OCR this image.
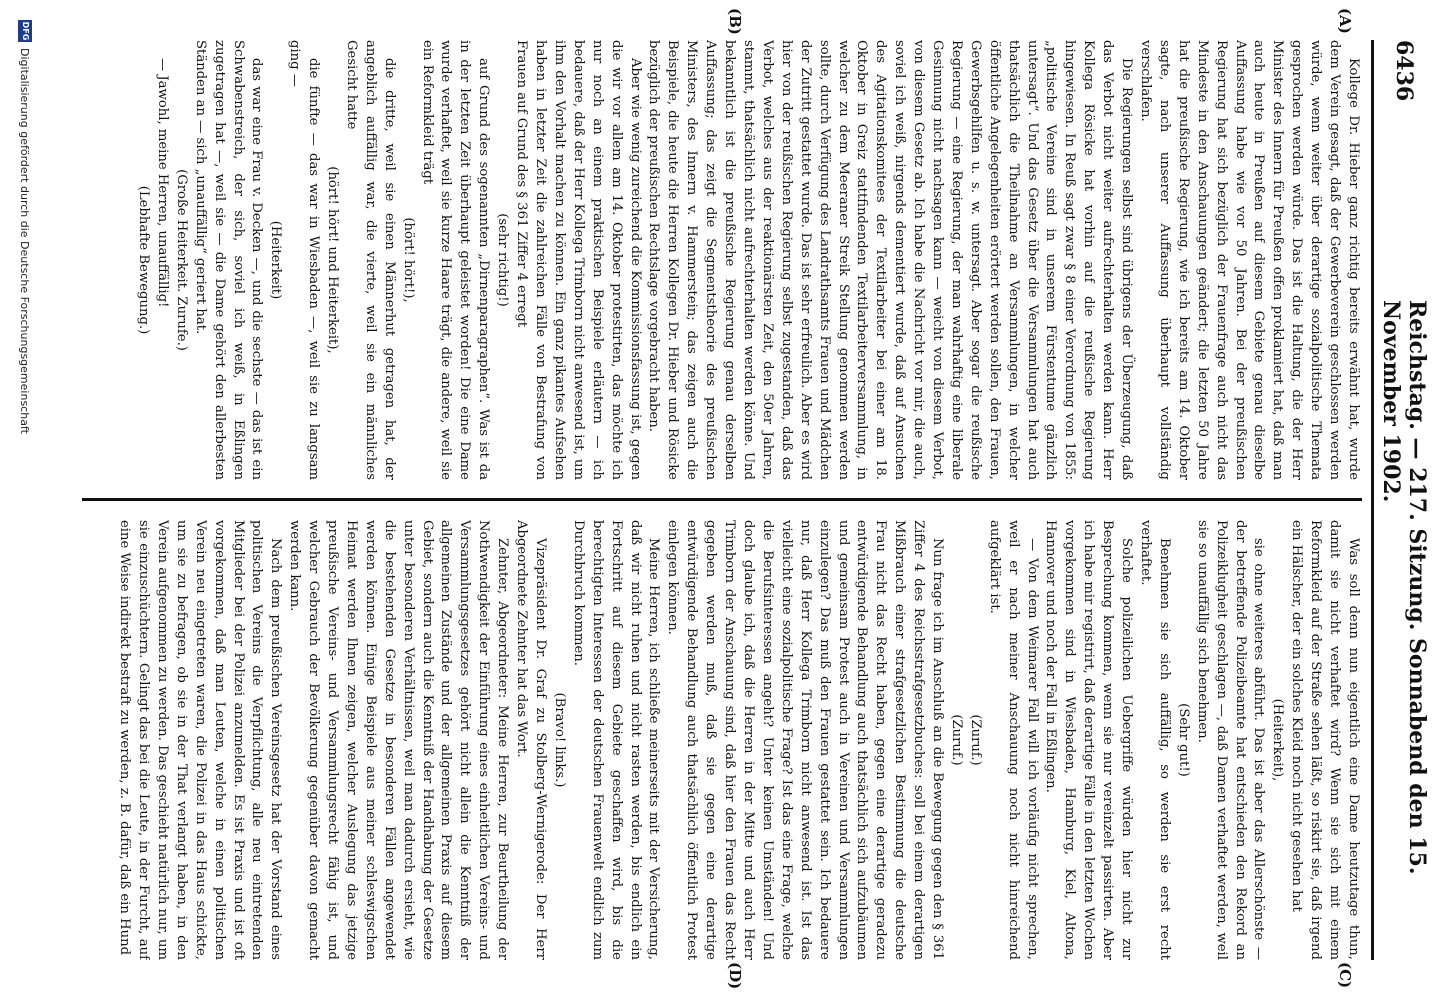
6436
Reichstag. — 217. Sitzung. Sonnabend den 15. November 1902.
(A)
(B)
(C)
(D)

Kollege Dr. Hieber ganz richtig bereits erwähnt hat, wurde dem Verein gesagt, daß der Gewerbeverein geschlossen werden würde, wenn weiter über derartige sozialpolitische Themata gesprochen werden würde. Das ist die Haltung, die der Herr Minister des Innern für Preußen offen proklamiert hat, daß man auch heute in Preußen auf diesem Gebiete genau dieselbe Auffassung habe wie vor 50 Jahren. Bei der preußischen Regierung hat sich bezüglich der Frauenfrage auch nicht das Mindeste in den Anschauungen geändert; die letzten 50 Jahre hat die preußische Regierung, wie ich bereits am 14. Oktober sagte, nach unserer Auffassung überhaupt vollständig verschlafen.

Die Regierungen selbst sind übrigens der Überzeugung, daß das Verbot nicht weiter aufrechterhalten werden kann. Herr Kollega Rösicke hat vorhin auf die reußische Regierung hingewiesen. In Reuß sagt zwar § 8 einer Verordnung von 1855: „politische Vereine sind in unserem Fürstentume gänzlich untersagt“. Und das Gesetz über die Versammlungen hat auch thatsächlich die Theilnahme an Versammlungen, in welcher öffentliche Angelegenheiten erörtert werden sollen, den Frauen, Gewerbsgehilfen u. s. w. untersagt. Aber sogar die reußische Regierung — eine Regierung, der man wahrhaftig eine liberale Gesinnung nicht nachsagen kann — weicht von diesem Verbot, von diesem Gesetz ab. Ich habe die Nachricht vor mir, die auch, soviel ich weiß, nirgends dementiert wurde, daß auf Ansuchen des Agitationskomitees der Textilarbeiter bei einer am 18. Oktober in Greiz stattfindenden Textilarbeiterversammlung, in welcher zu dem Meeraner Streik Stellung genommen werden sollte, durch Verfügung des Landrathsamts Frauen und Mädchen der Zutritt gestattet wurde. Das ist sehr erfreulich. Aber es wird hier von der reußischen Regierung selbst zugestanden, daß das Verbot, welches aus der reaktionärsten Zeit, den 50er Jahren, stammt, thatsächlich nicht aufrechterhalten werden könne. Und bekanntlich ist die preußische Regierung genau derselben Auffassung; das zeigt die Segmentstheorie des preußischen Ministers, des Innern v. Hammerstein; das zeigen auch die Beispiele, die heute die Herren Kollegen Dr. Hieber und Rösicke bezüglich der preußischen Rechtslage vorgebracht haben.

Aber wie wenig zureichend die Kommissionsfassung ist, gegen die wir vor allem am 14. Oktober protestirten, das möchte ich nur noch an einem praktischen Beispiele erläutern — ich bedauere, daß der Herr Kollega Trimborn nicht anwesend ist, um ihm den Vorhalt machen zu können. Ein ganz pikantes Aufsehen haben in letzter Zeit die zahlreichen Fälle von Bestrafung von Frauen auf Grund des § 361 Ziffer 4 erregt

(sehr richtig!)

auf Grund des sogenannten „Dirnenparagraphen“. Was ist da in der letzten Zeit überhaupt geleistet worden! Die eine Dame wurde verhaftet, weil sie kurze Haare trägt, die andere, weil sie ein Reformkleid trägt

(hört! hört!),

die dritte, weil sie einen Männerhut getragen hat, der angeblich auffällig war, die vierte, weil sie ein männliches Gesicht hatte

(hört! hört! und Heiterkeit),

die fünfte — das war in Wiesbaden —, weil sie zu langsam ging —

(Heiterkeit)

das war eine Frau v. Decken —, und die sechste — das ist ein Schwabenstreich, der sich, soviel ich weiß, in Eßlingen zugetragen hat —, weil sie — die Dame gehört den allerbesten Ständen an — sich „unauffällig“ geriert hat.

(Große Heiterkeit. Zurufe.)

— Jawohl, meine Herren, unauffällig!

(Lebhafte Bewegung.)

Was soll denn nun eigentlich eine Dame heutzutage thun, damit sie nicht verhaftet wird? Wenn sie sich mit einem Reformkleid auf der Straße sehen läßt, so riskirt sie, daß irgend ein Hälscher, der ein solches Kleid noch nicht gesehen hat

(Heiterkeit),

sie ohne weiteres abführt. Das ist aber das Allerschönste — der betreffende Polizeibeamte hat entschieden den Rekord an Polizeiklugheit geschlagen —, daß Damen verhaftet werden, weil sie so unauffällig sich benehmen.

(Sehr gut!)

Benehmen sie sich auffällig, so werden sie erst recht verhaftet.

Solche polizeilichen Uebergriffe würden hier nicht zur Besprechung kommen, wenn sie nur vereinzelt passirten. Aber ich habe mir registrirt, daß derartige Fälle in den letzten Wochen vorgekommen sind in Wiesbaden, Hamburg, Kiel, Altona, Hannover und noch der Fall in Eßlingen.

— Von dem Weimarer Fall will ich vorläufig nicht sprechen, weil er nach meiner Anschauung noch nicht hinreichend aufgeklärt ist.

(Zuruf.)

(Zuruf.)

Nun frage ich im Anschluß an die Bewegung gegen den § 361 Ziffer 4 des Reichsstrafgesetzbuches: soll bei einem derartigen Mißbrauch einer strafgesetzlichen Bestimmung die deutsche Frau nicht das Recht haben, gegen eine derartige geradezu entwürdigende Behandlung auch thatsächlich sich aufzubäumen und gemeinsam Protest auch in Vereinen und Versammlungen einzulegen? Das muß den Frauen gestattet sein. Ich bedauere nur, daß Herr Kollega Trimborn nicht anwesend ist. Ist das vielleicht eine sozialpolitische Frage? Ist das eine Frage, welche die Berufsinteressen angeht? Unter keinen Umständen! Und doch glaube ich, daß die Herren in der Mitte und auch Herr Trimborn der Anschauung sind, daß hier den Frauen das Recht gegeben werden muß, daß sie gegen eine derartige entwürdigende Behandlung auch thatsächlich öffentlich Protest einlegen können.

Meine Herren, ich schließe meinerseits mit der Versicherung, daß wir nicht ruhen und nicht rasten werden, bis endlich ein Fortschritt auf diesem Gebiete geschaffen wird, bis die berechtigten Interessen der deutschen Frauenwelt endlich zum Durchbruch kommen.

(Bravo! links.)

Vizepräsident Dr. Graf zu Stolberg-Wernigerode: Der Herr Abgeordnete Zehnter hat das Wort.

Zehnter, Abgeordneter: Meine Herren, zur Beurtheilung der Nothwendigkeit der Einführung eines einheitlichen Vereins- und Versammlungsgesetzes gehört nicht allein die Kenntniß der allgemeinen Zustände und der allgemeinen Praxis auf diesem Gebiet, sondern auch die Kenntniß der Handhabung der Gesetze unter besonderen Verhältnissen, weil man dadurch ersieht, wie die bestehenden Gesetze in besonderen Fällen angewendet werden können. Einige Beispiele aus meiner schleswigschen Heimat werden Ihnen zeigen, welcher Auslegung das jetzige preußische Vereins- und Versammlungsrecht fähig ist, und welcher Gebrauch der Bevölkerung gegenüber davon gemacht werden kann.

Nach dem preußischen Vereinsgesetz hat der Vorstand eines politischen Vereins die Verpflichtung, alle neu eintretenden Mitglieder bei der Polizei anzumelden. Es ist Praxis und ist oft vorgekommen, daß man Leuten, welche in einen politischen Verein neu eingetreten waren, die Polizei in das Haus schickte, um sie zu befragen, ob sie in der That verlangt haben, in den Verein aufgenommen zu werden. Das geschieht natürlich nur, um sie einzuschüchtern. Gelingt das bei die Leute, in der Furcht, auf eine Weise indirekt bestraft zu werden, z. B. dafür, daß ein Hund

DFG
Digitalisierung gefördert durch die Deutsche Forschungsgemeinschaft
